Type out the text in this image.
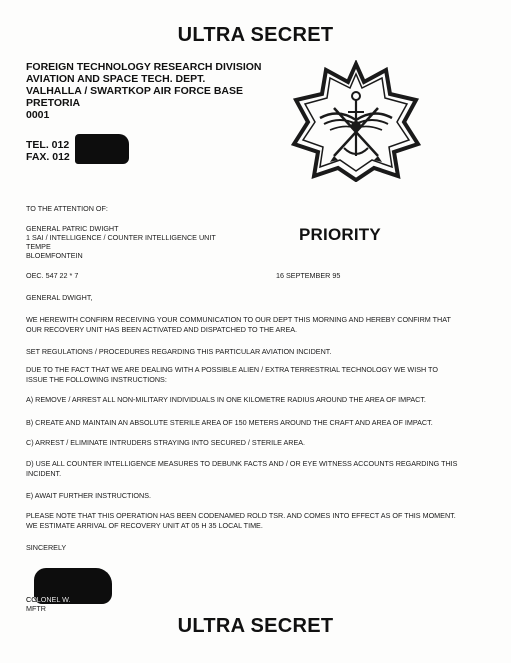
ULTRA SECRET
FOREIGN TECHNOLOGY RESEARCH DIVISION
AVIATION AND SPACE TECH. DEPT.
VALHALLA / SWARTKOP AIR FORCE BASE
PRETORIA
0001
TEL. 012
FAX. 012
TO THE ATTENTION OF:
GENERAL PATRIC DWIGHT
1 SAI / INTELLIGENCE / COUNTER INTELLIGENCE UNIT
TEMPE
BLOEMFONTEIN
PRIORITY
OEC. 547 22 * 7	16 SEPTEMBER 95
GENERAL DWIGHT,
WE HEREWITH CONFIRM RECEIVING YOUR COMMUNICATION TO OUR DEPT THIS MORNING AND HEREBY CONFIRM THAT OUR RECOVERY UNIT HAS BEEN ACTIVATED AND DISPATCHED TO THE AREA.
SET REGULATIONS / PROCEDURES REGARDING THIS PARTICULAR AVIATION INCIDENT.
DUE TO THE FACT THAT WE ARE DEALING WITH A POSSIBLE ALIEN / EXTRA TERRESTRIAL TECHNOLOGY WE WISH TO ISSUE THE FOLLOWING INSTRUCTIONS:
A) REMOVE / ARREST ALL NON-MILITARY INDIVIDUALS IN ONE KILOMETRE RADIUS AROUND THE AREA OF IMPACT.
B) CREATE AND MAINTAIN AN ABSOLUTE STERILE AREA OF 150 METERS AROUND THE CRAFT AND AREA OF IMPACT.
C) ARREST / ELIMINATE INTRUDERS STRAYING INTO SECURED / STERILE AREA.
D) USE ALL COUNTER INTELLIGENCE MEASURES TO DEBUNK FACTS AND / OR EYE WITNESS ACCOUNTS REGARDING THIS INCIDENT.
E) AWAIT FURTHER INSTRUCTIONS.
PLEASE NOTE THAT THIS OPERATION HAS BEEN CODENAMED ROLD TSR. AND COMES INTO EFFECT AS OF THIS MOMENT. WE ESTIMATE ARRIVAL OF RECOVERY UNIT AT 05 H 35 LOCAL TIME.
SINCERELY
COLONEL W.
MFTR
ULTRA SECRET
